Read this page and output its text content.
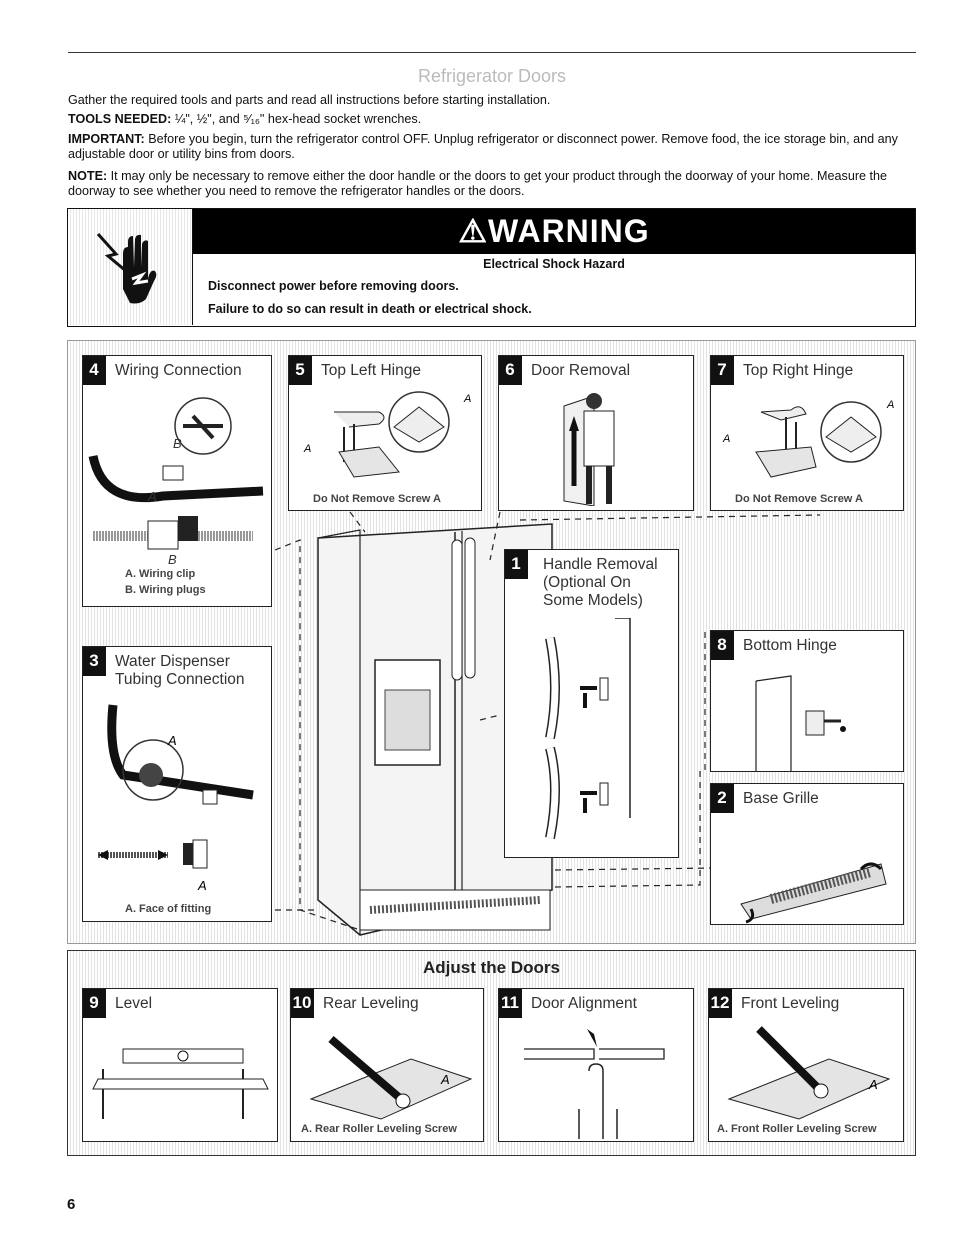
Refrigerator Doors
Gather the required tools and parts and read all instructions before starting installation.
TOOLS NEEDED: ¼", ½", and ⁵⁄₁₆" hex-head socket wrenches.
IMPORTANT: Before you begin, turn the refrigerator control OFF. Unplug refrigerator or disconnect power. Remove food, the ice storage bin, and any adjustable door or utility bins from doors.
NOTE: It may only be necessary to remove either the door handle or the doors to get your product through the doorway of your home. Measure the doorway to see whether you need to remove the refrigerator handles or the doors.
⚠WARNING
Electrical Shock Hazard
Disconnect power before removing doors.
Failure to do so can result in death or electrical shock.
4	Wiring Connection
B
A
B
A. Wiring clip
B. Wiring plugs
5	Top Left Hinge
A
A
Do Not Remove Screw A
6	Door Removal	7	Top Right Hinge
A
A
Do Not Remove Screw A
1	Handle Removal
(Optional On
Some Models)
3	Water Dispenser
Tubing Connection
A
A
A. Face of fitting
8	Bottom Hinge
2	Base Grille
Adjust the Doors
9	Level	10 Rear Leveling
A
A. Rear Roller Leveling Screw
11 Door Alignment	12 Front Leveling
A
A. Front Roller Leveling Screw
6
